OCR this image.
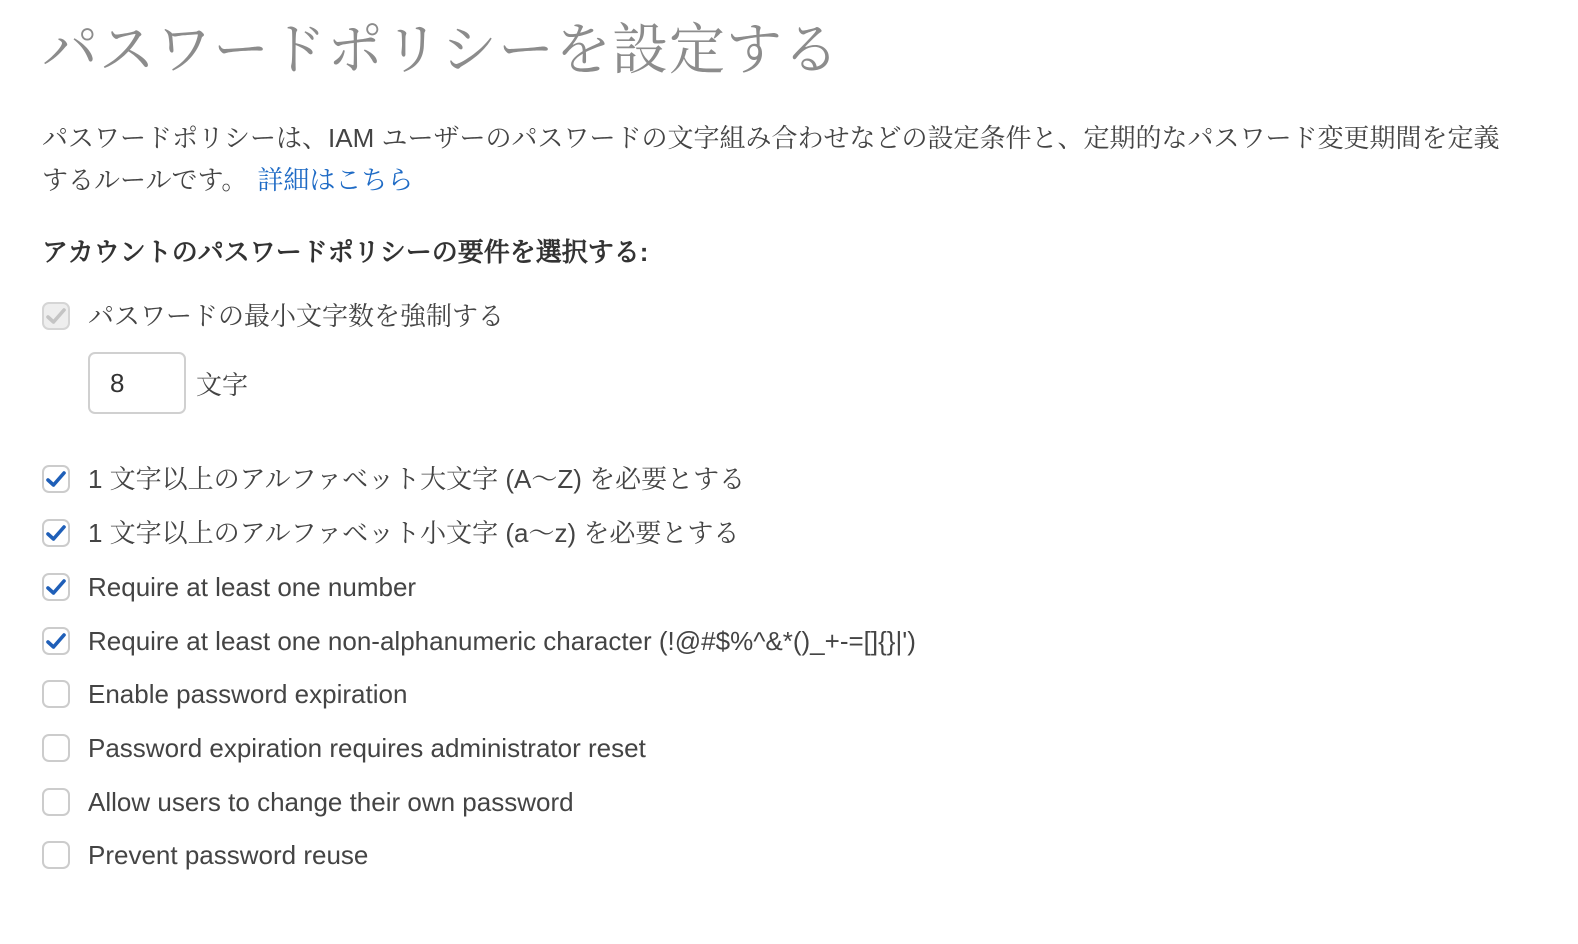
パスワードポリシーを設定する
パスワードポリシーは、IAM ユーザーのパスワードの文字組み合わせなどの設定条件と、定期的なパスワード変更期間を定義するルールです。 詳細はこちら
アカウントのパスワードポリシーの要件を選択する:
パスワードの最小文字数を強制する
8
文字
1 文字以上のアルファベット大文字 (A〜Z) を必要とする
1 文字以上のアルファベット小文字 (a〜z) を必要とする
Require at least one number
Require at least one non-alphanumeric character (!@#$%^&*()_+-=[]{}|')
Enable password expiration
Password expiration requires administrator reset
Allow users to change their own password
Prevent password reuse
